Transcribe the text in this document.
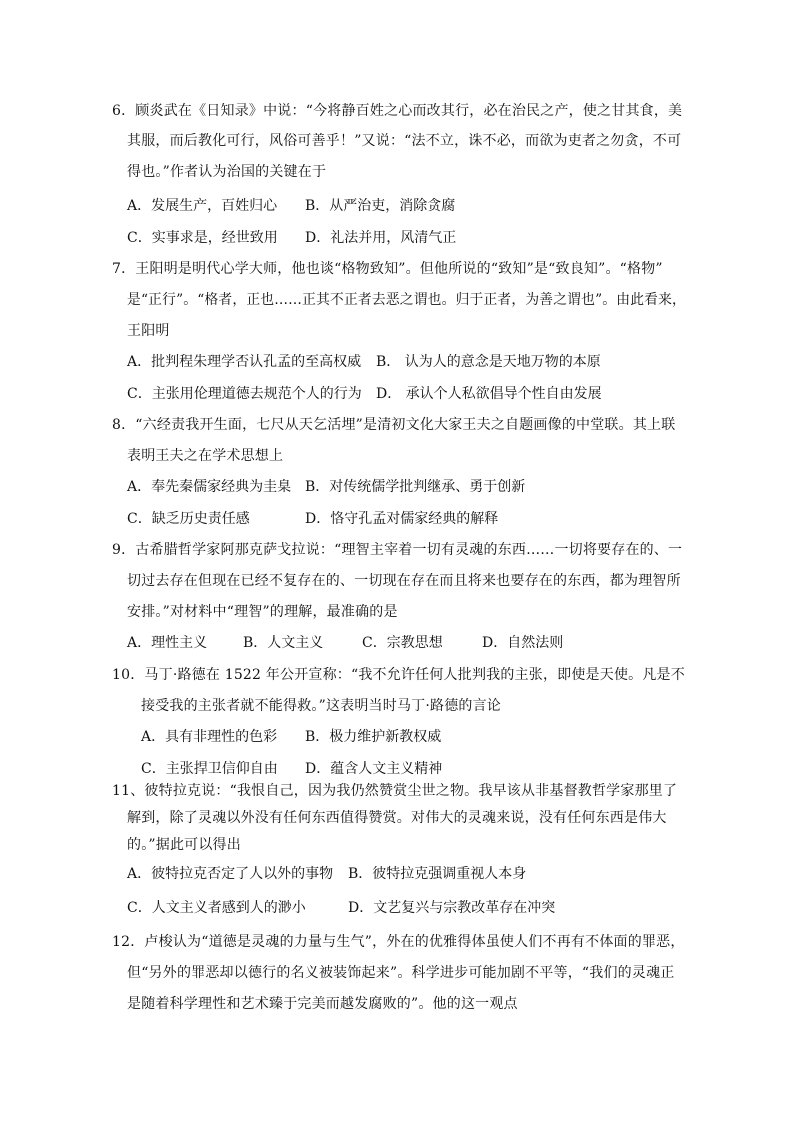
6．顾炎武在《日知录》中说：“今将静百姓之心而改其行，必在治民之产，使之甘其食，美
其服，而后教化可行，风俗可善乎！”又说：“法不立，诛不必，而欲为吏者之勿贪，不可
得也。”作者认为治国的关键在于
A．发展生产，百姓归心 B．从严治吏，消除贪腐
C．实事求是，经世致用 D．礼法并用，风清气正
7．王阳明是明代心学大师，他也谈“格物致知”。但他所说的“致知”是“致良知”。“格物”
是“正行”。“格者，正也……正其不正者去恶之谓也。归于正者，为善之谓也”。由此看来，
王阳明
A．批判程朱理学否认孔孟的至高权威 B． 认为人的意念是天地万物的本原
C．主张用伦理道德去规范个人的行为 D． 承认个人私欲倡导个性自由发展
8．“六经责我开生面，七尺从天乞活埋”是清初文化大家王夫之自题画像的中堂联。其上联
表明王夫之在学术思想上
A．奉先秦儒家经典为圭臬 B．对传统儒学批判继承、勇于创新
C．缺乏历史责任感	D．恪守孔孟对儒家经典的解释
9．古希腊哲学家阿那克萨戈拉说：“理智主宰着一切有灵魂的东西……一切将要存在的、一
切过去存在但现在已经不复存在的、一切现在存在而且将来也要存在的东西，都为理智所
安排。”对材料中“理智”的理解，最准确的是
A．理性主义	B．人文主义	C．宗教思想	D．自然法则
10．马丁·路德在 1522 年公开宣称：“我不允许任何人批判我的主张，即使是天使。凡是不
接受我的主张者就不能得救。”这表明当时马丁·路德的言论
A．具有非理性的色彩 B．极力维护新教权威
C．主张捍卫信仰自由 D．蕴含人文主义精神
11、彼特拉克说：“我恨自己，因为我仍然赞赏尘世之物。我早该从非基督教哲学家那里了
解到，除了灵魂以外没有任何东西值得赞赏。对伟大的灵魂来说，没有任何东西是伟大
的。”据此可以得出
A．彼特拉克否定了人以外的事物 B．彼特拉克强调重视人本身
C．人文主义者感到人的渺小	D．文艺复兴与宗教改革存在冲突
12．卢梭认为“道德是灵魂的力量与生气”，外在的优雅得体虽使人们不再有不体面的罪恶，
但“另外的罪恶却以德行的名义被装饰起来”。科学进步可能加剧不平等，“我们的灵魂正
是随着科学理性和艺术臻于完美而越发腐败的”。他的这一观点
